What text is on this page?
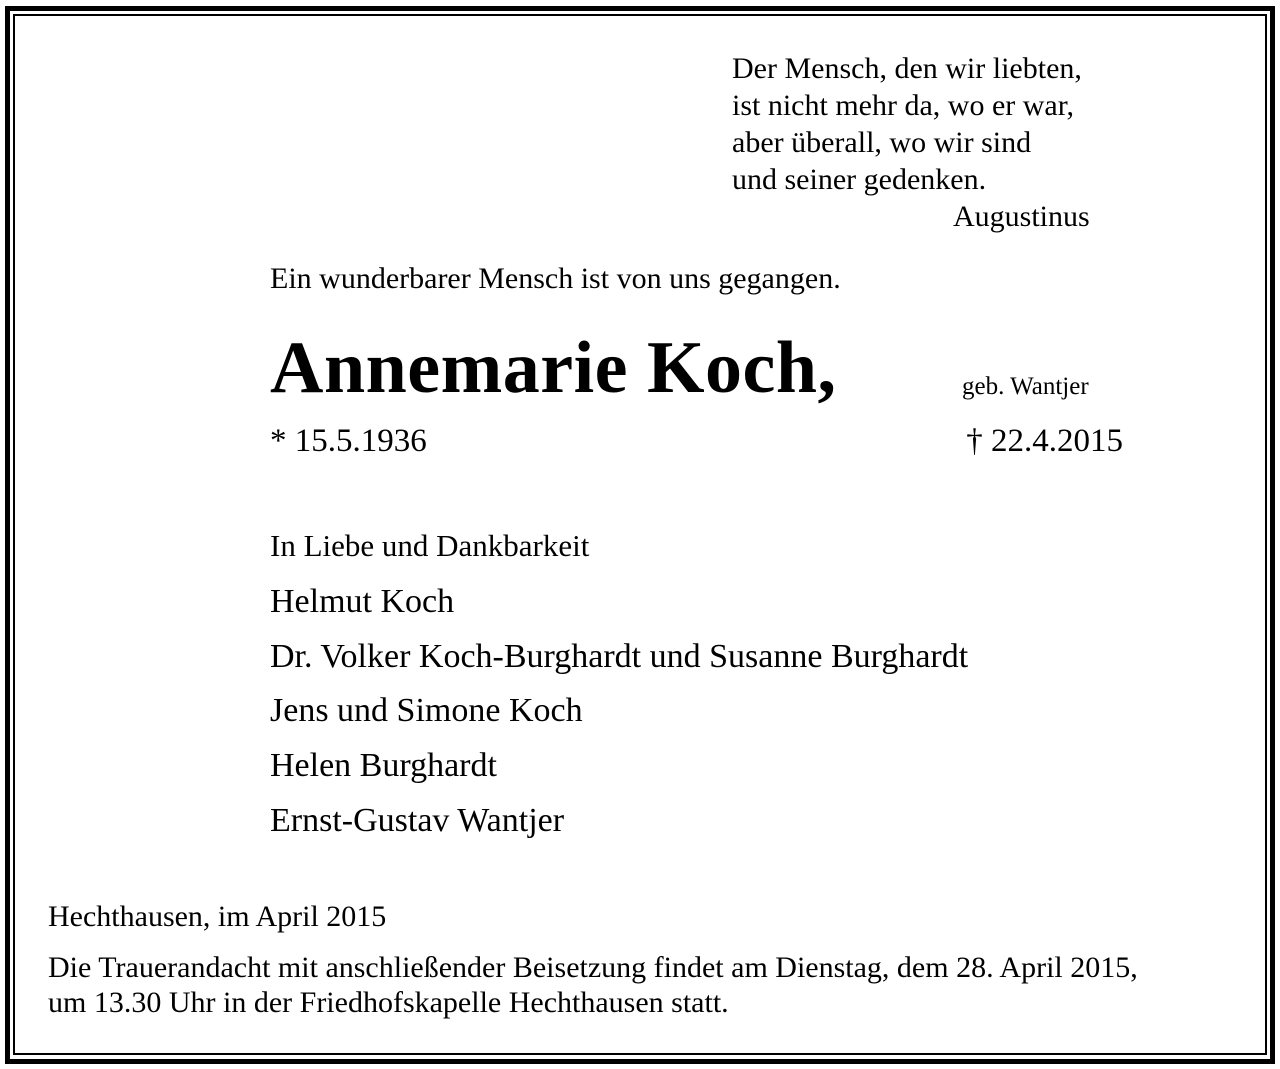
Der Mensch, den wir liebten,

ist nicht mehr da, wo er war,

aber überall, wo wir sind

und seiner gedenken.

Augustinus

Ein wunderbarer Mensch ist von uns gegangen.

Annemarie Koch,	geb. Wantjer

* 15.5.1936	† 22.4.2015

In Liebe und Dankbarkeit

Helmut Koch

Dr. Volker Koch-Burghardt und Susanne Burghardt

Jens und Simone Koch

Helen Burghardt

Ernst-Gustav Wantjer

Hechthausen, im April 2015

Die Trauerandacht mit anschließender Beisetzung findet am Dienstag, dem 28. April 2015,

um 13.30 Uhr in der Friedhofskapelle Hechthausen statt.
